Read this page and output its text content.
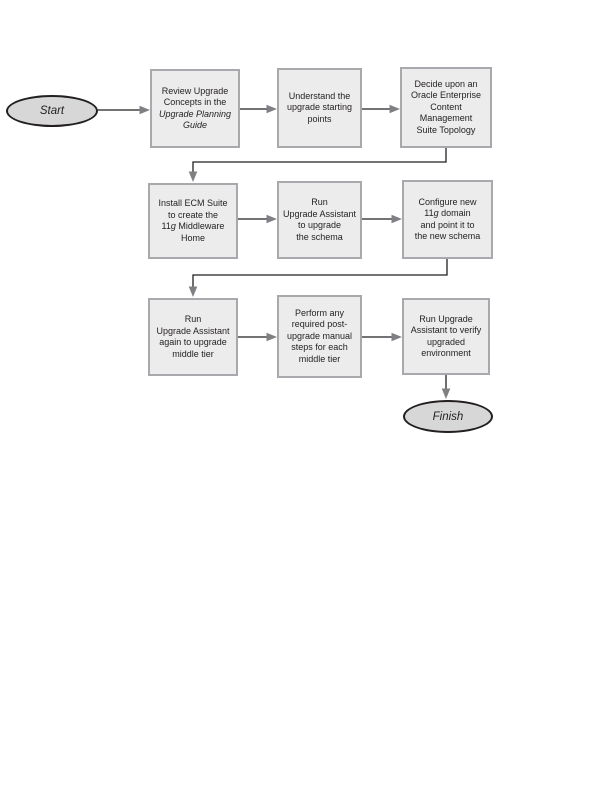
Start
Review Upgrade
Concepts in the
Upgrade Planning
Guide
Understand the
upgrade starting
points
Decide upon an
Oracle Enterprise
Content
Management
Suite Topology
Install ECM Suite
to create the
11g Middleware
Home
Run
Upgrade Assistant
to upgrade
the schema
Configure new
11g domain
and point it to
the new schema
Run
Upgrade Assistant
again to upgrade
middle tier
Perform any
required post-
upgrade manual
steps for each
middle tier
Run Upgrade
Assistant to verify
upgraded
environment
Finish
